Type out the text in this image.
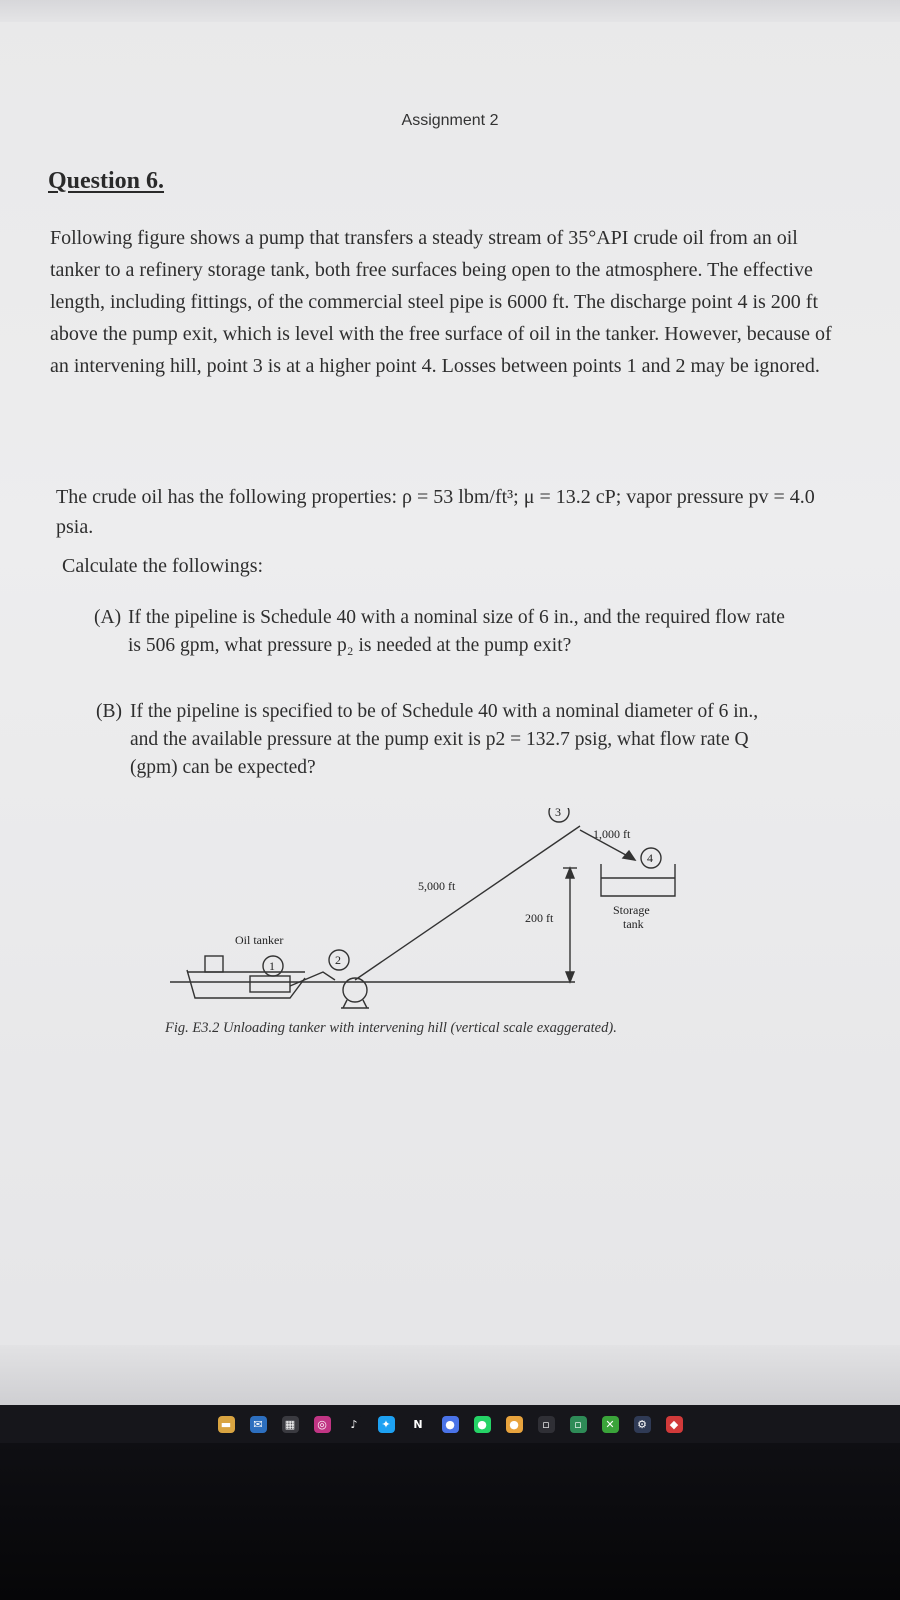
Assignment 2
Question 6.
Following figure shows a pump that transfers a steady stream of 35°API crude oil from an oil tanker to a refinery storage tank, both free surfaces being open to the atmosphere. The effective length, including fittings, of the commercial steel pipe is 6000 ft. The discharge point 4 is 200 ft above the pump exit, which is level with the free surface of oil in the tanker. However, because of an intervening hill, point 3 is at a higher point 4. Losses between points 1 and 2 may be ignored.
The crude oil has the following properties: ρ = 53 lbm/ft³; μ = 13.2 cP; vapor pressure pv = 4.0 psia.
Calculate the followings:
(A) If the pipeline is Schedule 40 with a nominal size of 6 in., and the required flow rate is 506 gpm, what pressure p₂ is needed at the pump exit?
(B) If the pipeline is specified to be of Schedule 40 with a nominal diameter of 6 in., and the available pressure at the pump exit is p2 = 132.7 psig, what flow rate Q (gpm) can be expected?
1	2
3
4
1,000 ft
5,000 ft
200 ft
Storage
tank
Oil tanker
Fig. E3.2 Unloading tanker with intervening hill (vertical scale exaggerated).
▬	✉	▦	◎	♪	✦	N	●	●	●	▫	▫	✕	⚙	◆
